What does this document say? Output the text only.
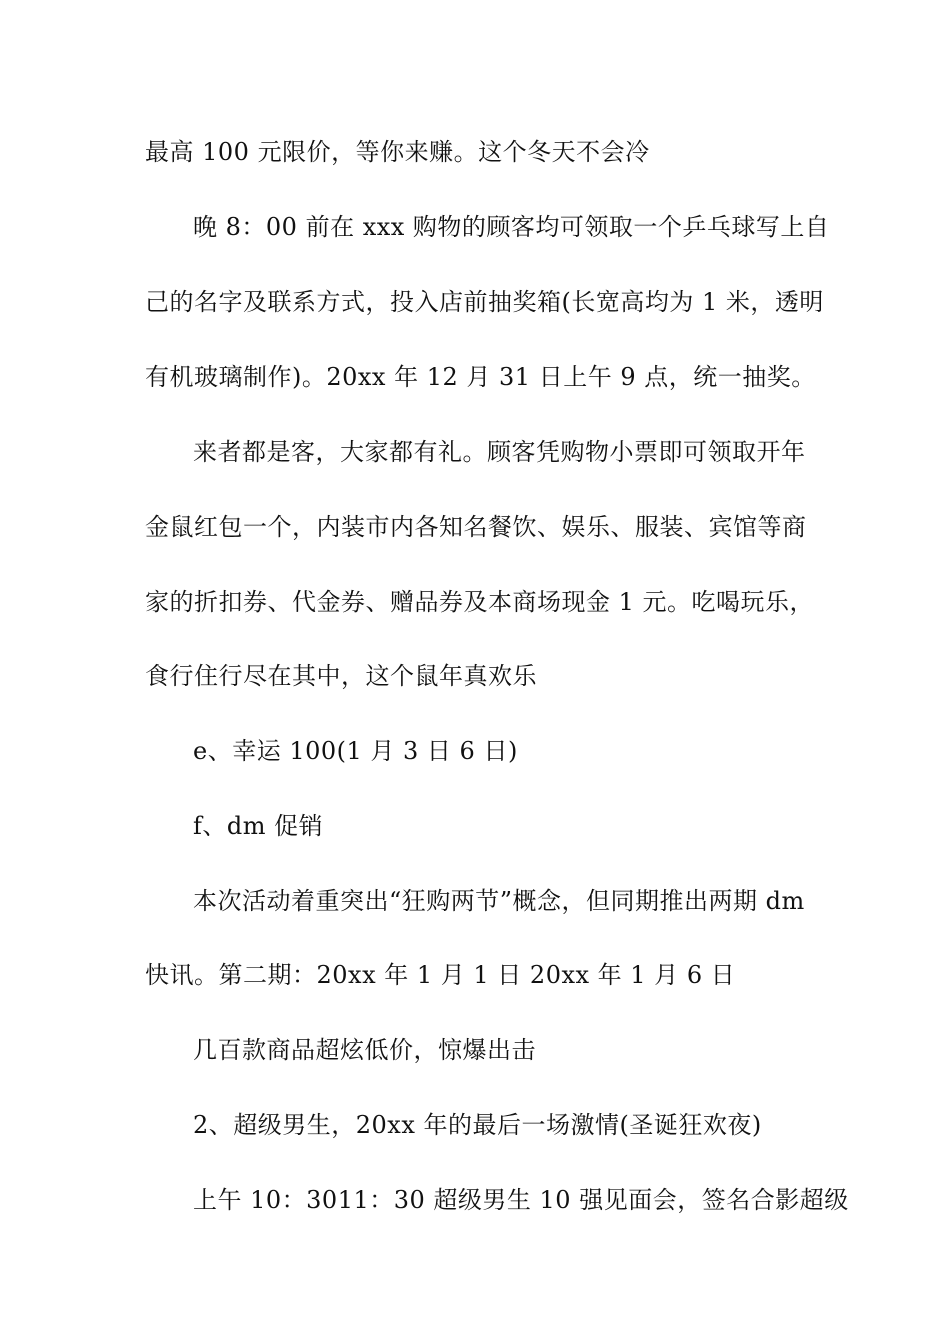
最高 100 元限价，等你来赚。这个冬天不会冷
晚 8：00 前在 xxx 购物的顾客均可领取一个乒乓球写上自
己的名字及联系方式，投入店前抽奖箱(长宽高均为 1 米，透明
有机玻璃制作)。20xx 年 12 月 31 日上午 9 点，统一抽奖。
来者都是客，大家都有礼。顾客凭购物小票即可领取开年
金鼠红包一个，内装市内各知名餐饮、娱乐、服装、宾馆等商
家的折扣券、代金券、赠品券及本商场现金 1 元。吃喝玩乐，
食行住行尽在其中，这个鼠年真欢乐
e、幸运 100(1 月 3 日 6 日)
f、dm 促销
本次活动着重突出“狂购两节”概念，但同期推出两期 dm
快讯。第二期：20xx 年 1 月 1 日 20xx 年 1 月 6 日
几百款商品超炫低价，惊爆出击
2、超级男生，20xx 年的最后一场激情(圣诞狂欢夜)
上午 10：3011：30 超级男生 10 强见面会，签名合影超级
